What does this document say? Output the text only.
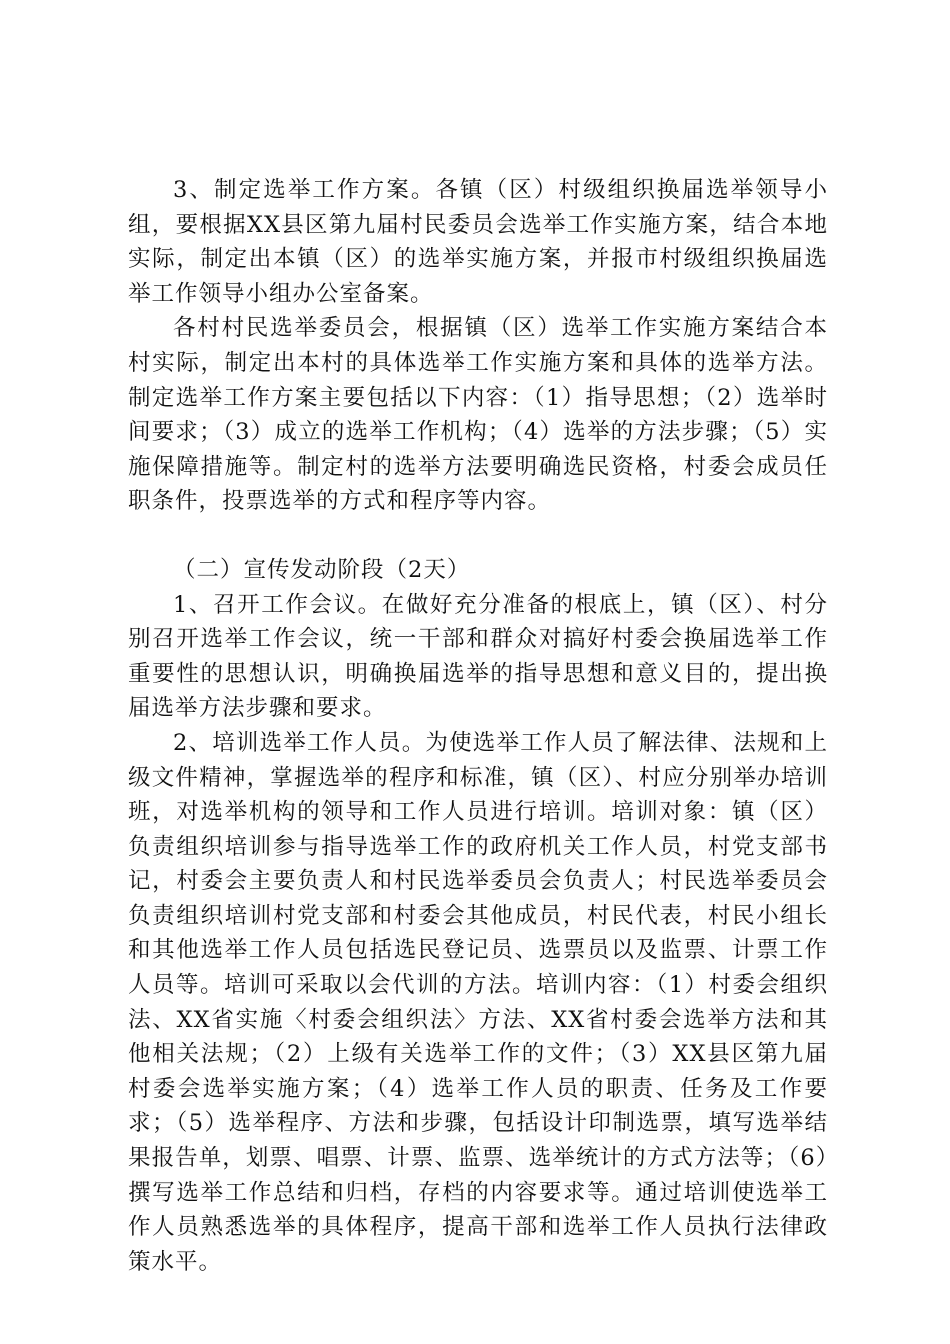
3、制定选举工作方案。各镇（区）村级组织换届选举领导小组，要根据XX县区第九届村民委员会选举工作实施方案，结合本地实际，制定出本镇（区）的选举实施方案，并报市村级组织换届选举工作领导小组办公室备案。

各村村民选举委员会，根据镇（区）选举工作实施方案结合本村实际，制定出本村的具体选举工作实施方案和具体的选举方法。制定选举工作方案主要包括以下内容：（1）指导思想；（2）选举时间要求；（3）成立的选举工作机构；（4）选举的方法步骤；（5）实施保障措施等。制定村的选举方法要明确选民资格，村委会成员任职条件，投票选举的方式和程序等内容。

（二）宣传发动阶段（2天）

1、召开工作会议。在做好充分准备的根底上，镇（区）、村分别召开选举工作会议，统一干部和群众对搞好村委会换届选举工作重要性的思想认识，明确换届选举的指导思想和意义目的，提出换届选举方法步骤和要求。

2、培训选举工作人员。为使选举工作人员了解法律、法规和上级文件精神，掌握选举的程序和标准，镇（区）、村应分别举办培训班，对选举机构的领导和工作人员进行培训。培训对象：镇（区）负责组织培训参与指导选举工作的政府机关工作人员，村党支部书记，村委会主要负责人和村民选举委员会负责人；村民选举委员会负责组织培训村党支部和村委会其他成员，村民代表，村民小组长和其他选举工作人员包括选民登记员、选票员以及监票、计票工作人员等。培训可采取以会代训的方法。培训内容：（1）村委会组织法、XX省实施〈村委会组织法〉方法、XX省村委会选举方法和其他相关法规；（2）上级有关选举工作的文件；（3）XX县区第九届村委会选举实施方案；（4）选举工作人员的职责、任务及工作要求；（5）选举程序、方法和步骤，包括设计印制选票，填写选举结果报告单，划票、唱票、计票、监票、选举统计的方式方法等；（6）撰写选举工作总结和归档，存档的内容要求等。通过培训使选举工作人员熟悉选举的具体程序，提高干部和选举工作人员执行法律政策水平。
